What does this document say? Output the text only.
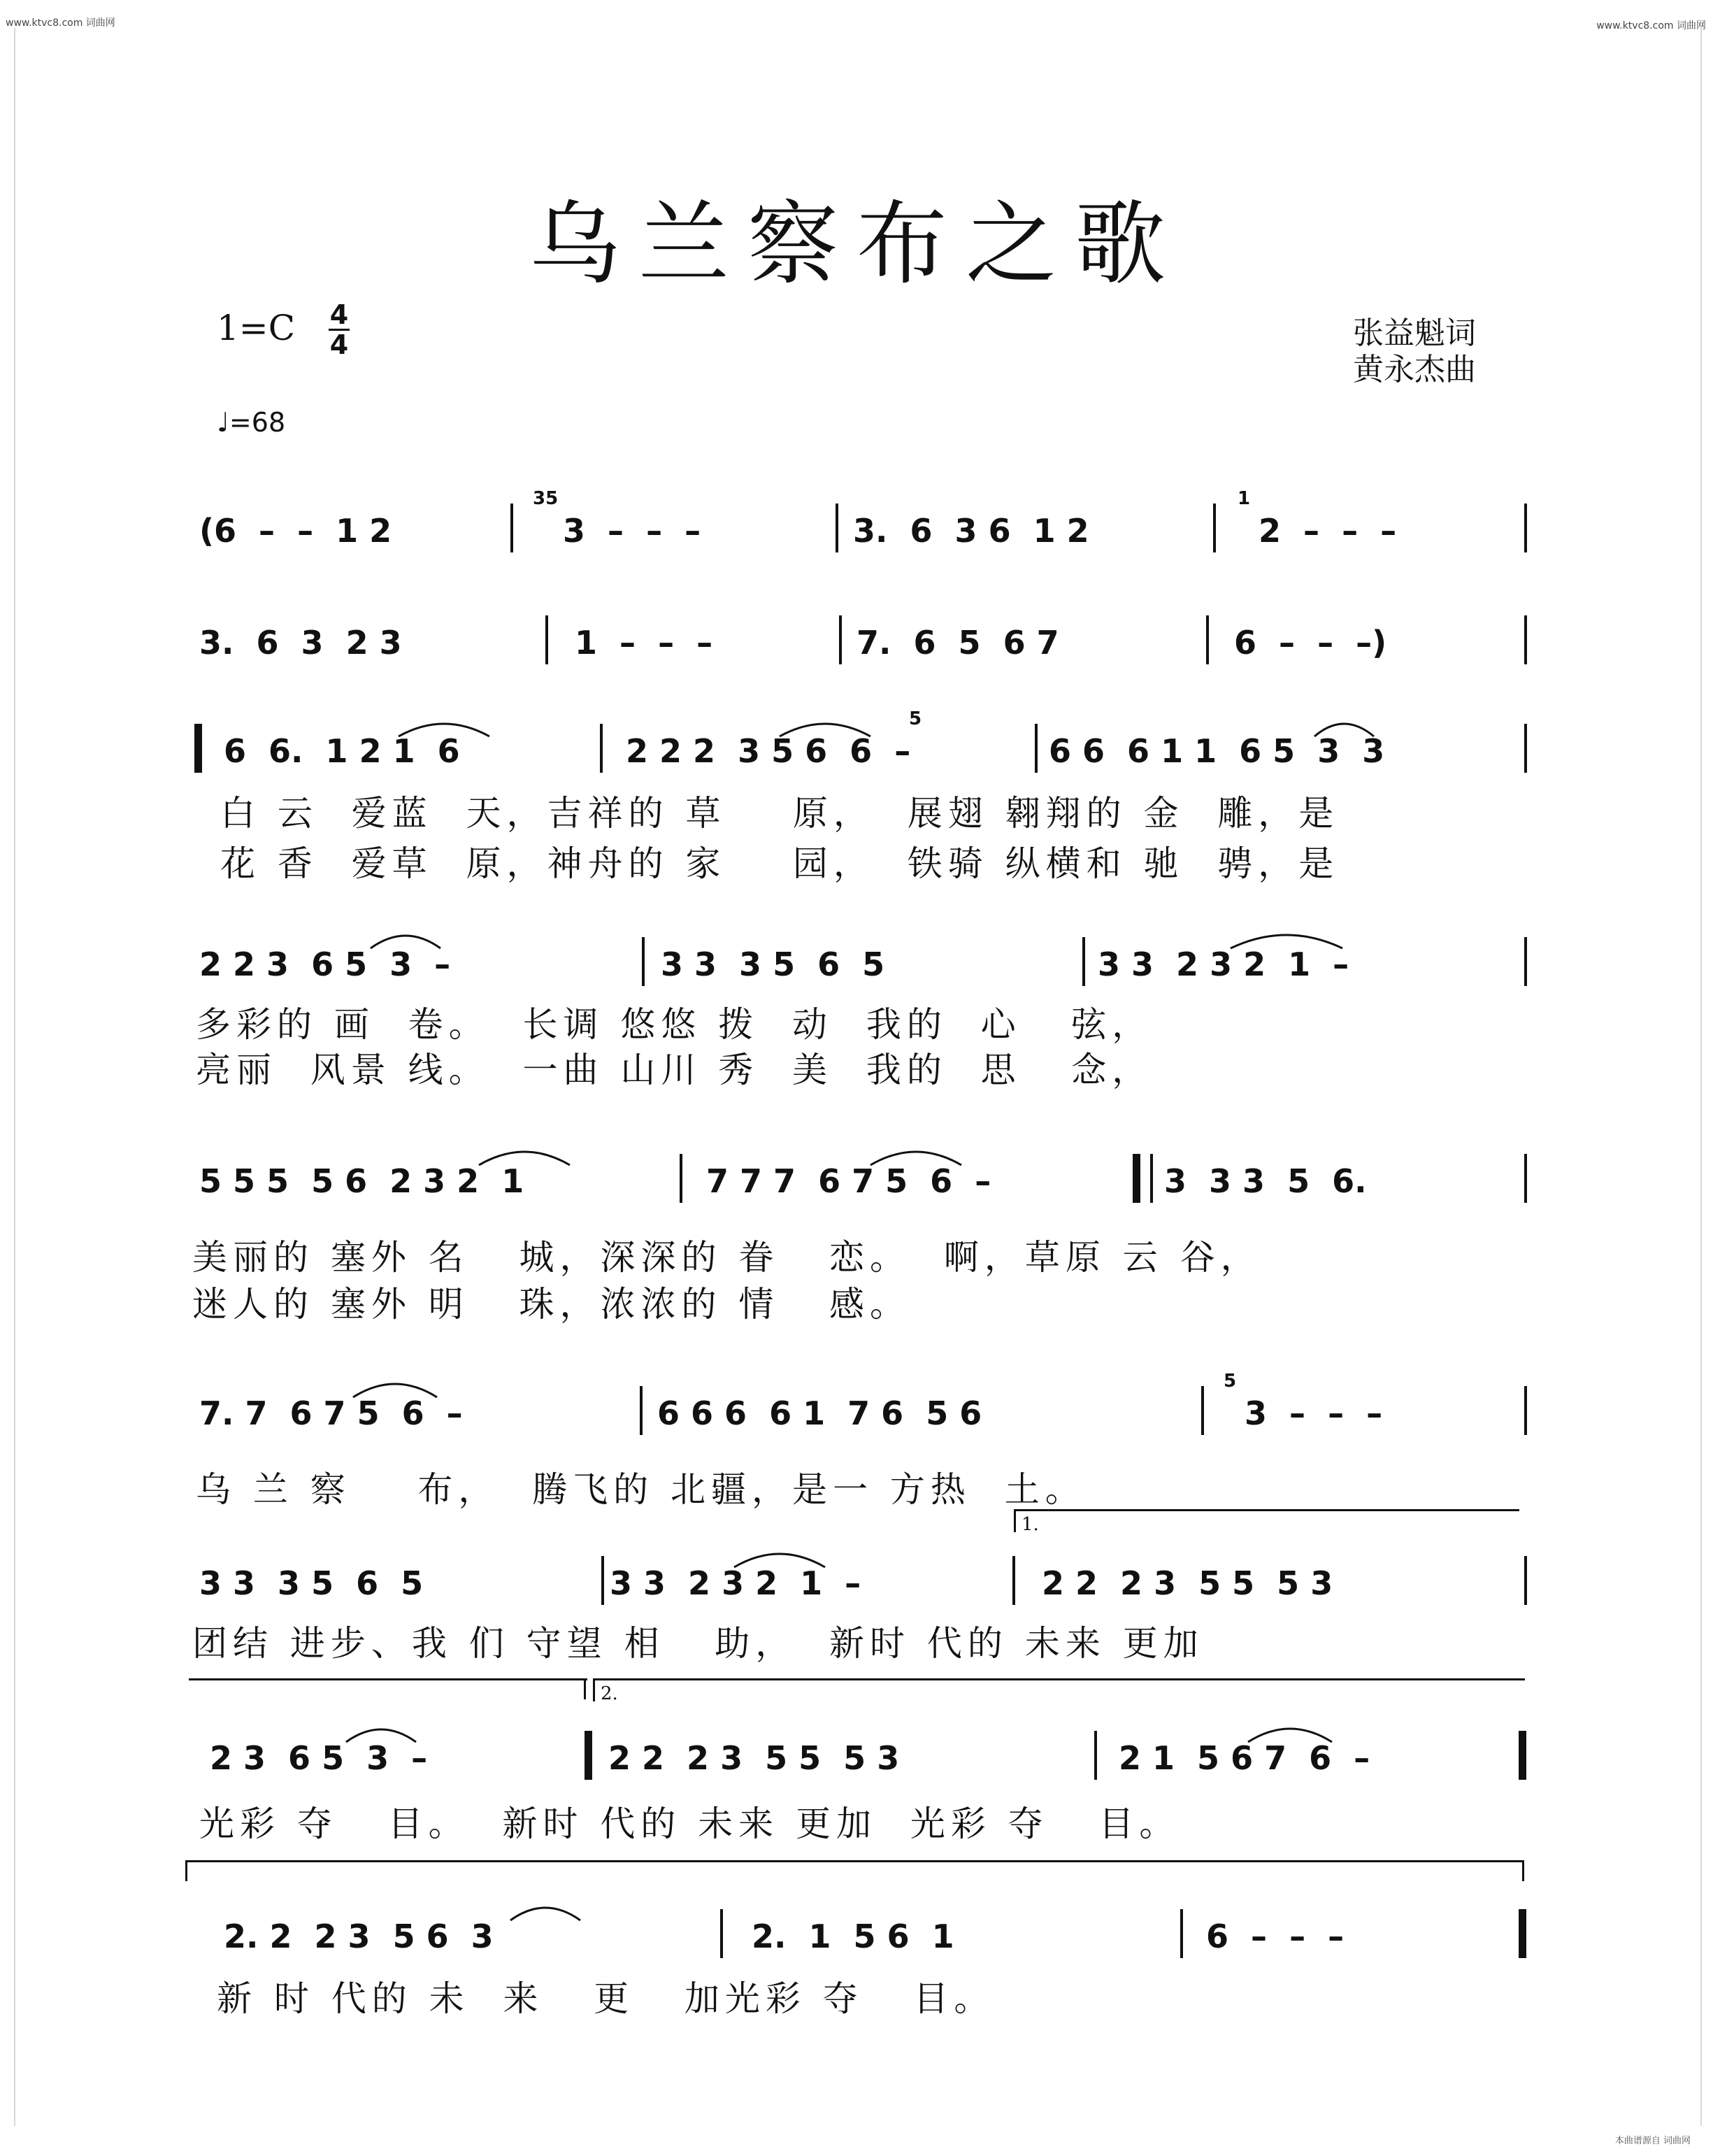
www.ktvc8.com 词曲网	www.ktvc8.com 词曲网
本曲谱源自 词曲网
乌兰察布之歌
1=C 4
4
♩=68
张益魁词
黄永杰曲
(6  –  –  1 2
35
3  –  –  –	3.  6  3 6  1 2
1
2  –  –  –
3.  6  3  2 3	1  –  –  –	7.  6  5  6 7	6  –  –  –)
6  6.  1 2 1  6	2 2 2  3 5 6  6  –
5
6 6  6 1 1  6 5  3  3
白 云  爱蓝  天，吉祥的 草    原，  展翅 翱翔的 金  雕，是
花 香  爱草  原，神舟的 家    园，  铁骑 纵横和 驰  骋，是
2 2 3  6 5  3  –	3 3  3 5  6  5	3 3  2 3 2  1  –
多彩的 画  卷。  长调 悠悠 拨  动  我的  心   弦，
亮丽  风景 线。  一曲 山川 秀  美  我的  思   念，
5 5 5  5 6  2 3 2  1	7 7 7  6 7 5  6  –	3  3 3  5  6.
美丽的 塞外 名   城，深深的 眷   恋。  啊，草原 云 谷，
迷人的 塞外 明   珠，浓浓的 情   感。
7. 7  6 7 5  6  –	6 6 6  6 1  7 6  5 6
5
3  –  –  –
乌 兰 察    布，  腾飞的 北疆，是一 方热  土。
1.
3 3  3 5  6  5	3 3  2 3 2  1  –	2 2  2 3  5 5  5 3
团结 进步、我 们 守望 相   助，  新时 代的 未来 更加
2.
2 3  6 5  3  –	2 2  2 3  5 5  5 3	2 1  5 6 7  6  –
光彩 夺   目。  新时 代的 未来 更加  光彩 夺   目。
2. 2  2 3  5 6  3	2.  1  5 6  1	6  –  –  –
新 时 代的 未  来   更   加光彩 夺   目。
